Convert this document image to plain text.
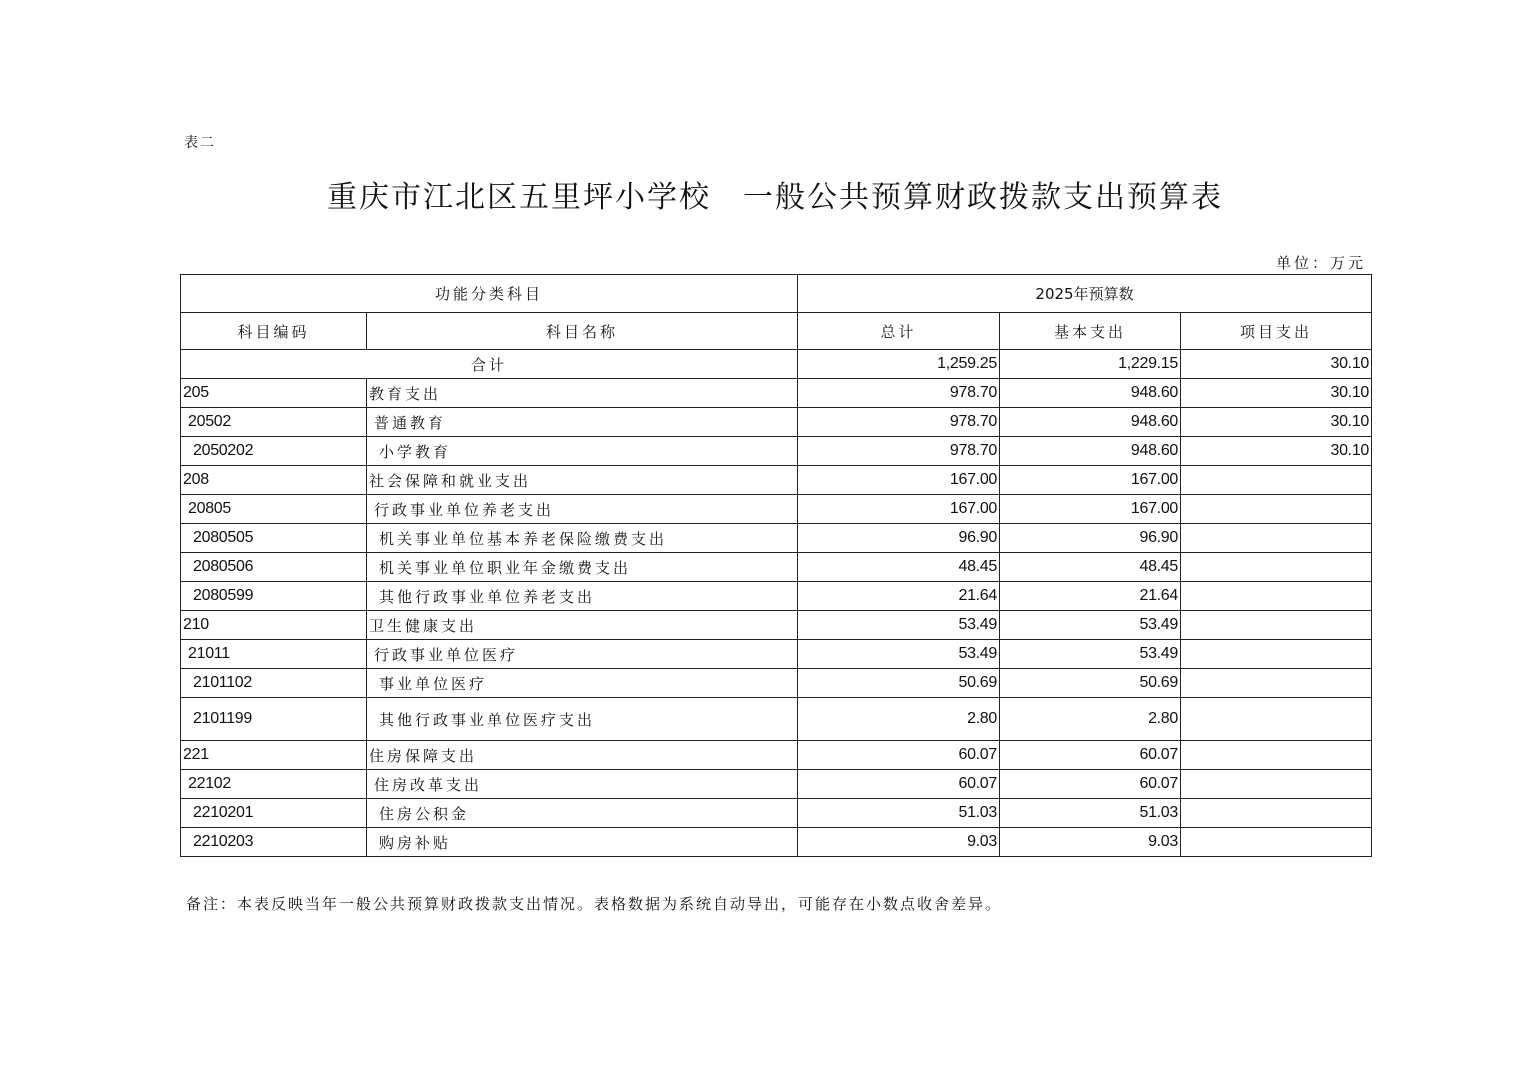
表二
重庆市江北区五里坪小学校　一般公共预算财政拨款支出预算表
单位：万元
功能分类科目		2025年预算数		
科目编码	科目名称	总计	基本支出	项目支出
合计		1,259.25	1,229.15	30.10
205	教育支出	978.70	948.60	30.10
20502	普通教育	978.70	948.60	30.10
2050202	小学教育	978.70	948.60	30.10
208	社会保障和就业支出	167.00	167.00	
20805	行政事业单位养老支出	167.00	167.00	
2080505	机关事业单位基本养老保险缴费支出	96.90	96.90	
2080506	机关事业单位职业年金缴费支出	48.45	48.45	
2080599	其他行政事业单位养老支出	21.64	21.64	
210	卫生健康支出	53.49	53.49	
21011	行政事业单位医疗	53.49	53.49	
2101102	事业单位医疗	50.69	50.69	
2101199	其他行政事业单位医疗支出	2.80	2.80	
221	住房保障支出	60.07	60.07	
22102	住房改革支出	60.07	60.07	
2210201	住房公积金	51.03	51.03	
2210203	购房补贴	9.03	9.03	
备注：本表反映当年一般公共预算财政拨款支出情况。表格数据为系统自动导出，可能存在小数点收舍差异。
